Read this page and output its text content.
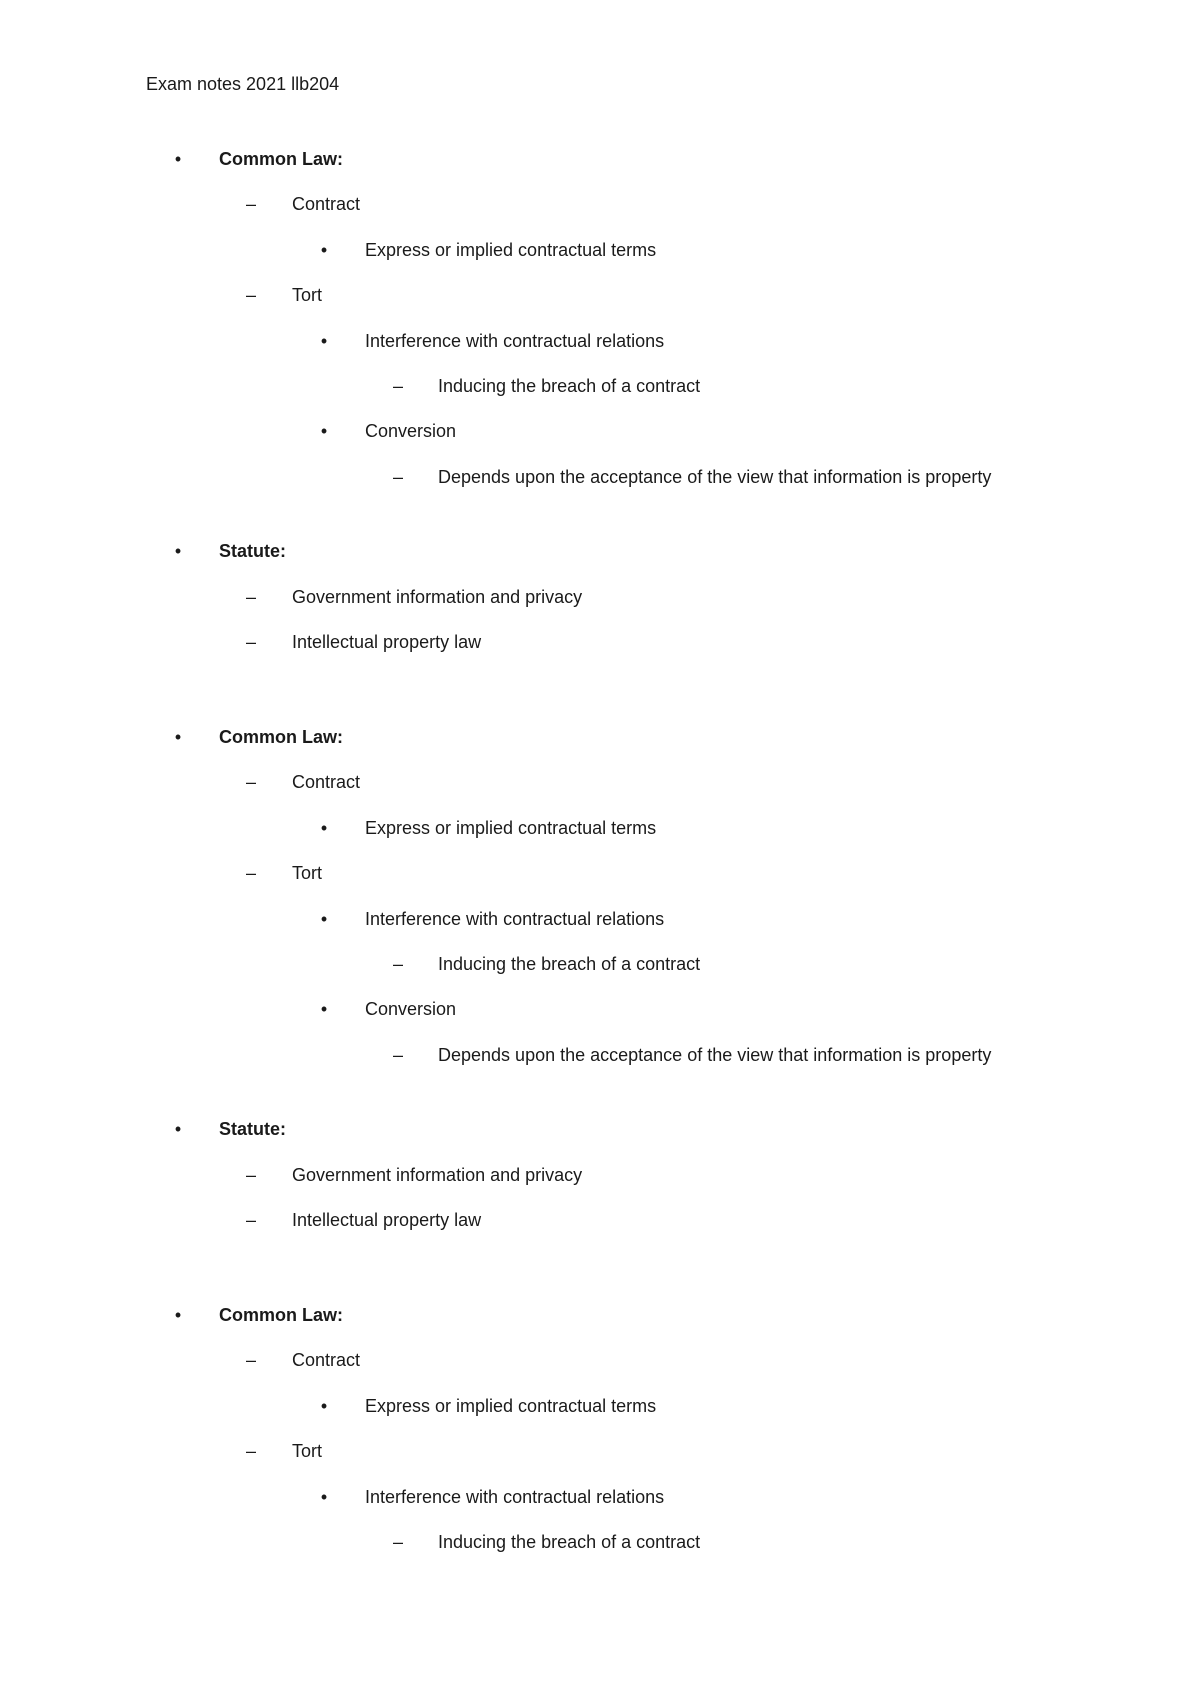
Exam notes 2021 llb204
•	Common Law:
– Contract
•	Express or implied contractual terms
– Tort
•	Interference with contractual relations
– Inducing the breach of a contract
•	Conversion
– Depends upon the acceptance of the view that information is property
•	Statute:
– Government information and privacy
– Intellectual property law
•	Common Law:
– Contract
•	Express or implied contractual terms
– Tort
•	Interference with contractual relations
– Inducing the breach of a contract
•	Conversion
– Depends upon the acceptance of the view that information is property
•	Statute:
– Government information and privacy
– Intellectual property law
•	Common Law:
– Contract
•	Express or implied contractual terms
– Tort
•	Interference with contractual relations
– Inducing the breach of a contract
